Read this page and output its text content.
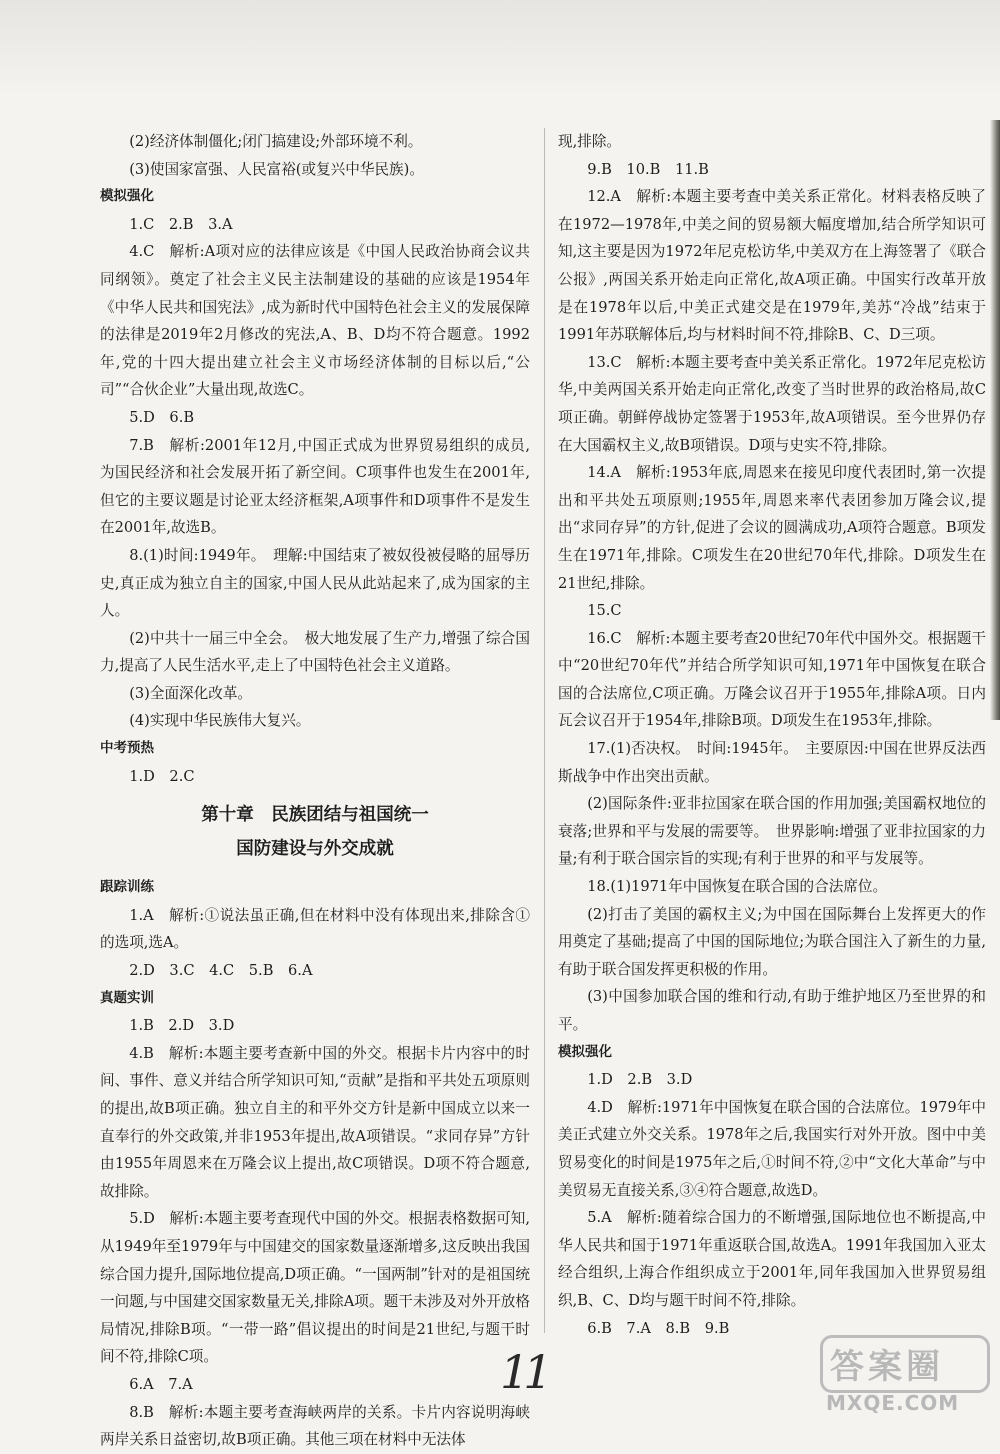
(2)经济体制僵化;闭门搞建设;外部环境不利。

(3)使国家富强、人民富裕(或复兴中华民族)。

模拟强化

1.C　2.B　3.A

4.C　解析:A项对应的法律应该是《中国人民政治协商会议共同纲领》。奠定了社会主义民主法制建设的基础的应该是1954年《中华人民共和国宪法》,成为新时代中国特色社会主义的发展保障的法律是2019年2月修改的宪法,A、B、D均不符合题意。1992年,党的十四大提出建立社会主义市场经济体制的目标以后,“公司”“合伙企业”大量出现,故选C。

5.D　6.B

7.B　解析:2001年12月,中国正式成为世界贸易组织的成员,为国民经济和社会发展开拓了新空间。C项事件也发生在2001年,但它的主要议题是讨论亚太经济框架,A项事件和D项事件不是发生在2001年,故选B。

8.(1)时间:1949年。　理解:中国结束了被奴役被侵略的屈辱历史,真正成为独立自主的国家,中国人民从此站起来了,成为国家的主人。

(2)中共十一届三中全会。　极大地发展了生产力,增强了综合国力,提高了人民生活水平,走上了中国特色社会主义道路。

(3)全面深化改革。

(4)实现中华民族伟大复兴。

中考预热

1.D　2.C

第十章　民族团结与祖国统一

国防建设与外交成就

跟踪训练

1.A　解析:①说法虽正确,但在材料中没有体现出来,排除含①的选项,选A。

2.D　3.C　4.C　5.B　6.A

真题实训

1.B　2.D　3.D

4.B　解析:本题主要考查新中国的外交。根据卡片内容中的时间、事件、意义并结合所学知识可知,“贡献”是指和平共处五项原则的提出,故B项正确。独立自主的和平外交方针是新中国成立以来一直奉行的外交政策,并非1953年提出,故A项错误。“求同存异”方针由1955年周恩来在万隆会议上提出,故C项错误。D项不符合题意,故排除。

5.D　解析:本题主要考查现代中国的外交。根据表格数据可知,从1949年至1979年与中国建交的国家数量逐渐增多,这反映出我国综合国力提升,国际地位提高,D项正确。“一国两制”针对的是祖国统一问题,与中国建交国家数量无关,排除A项。题干未涉及对外开放格局情况,排除B项。“一带一路”倡议提出的时间是21世纪,与题干时间不符,排除C项。

6.A　7.A

8.B　解析:本题主要考查海峡两岸的关系。卡片内容说明海峡两岸关系日益密切,故B项正确。其他三项在材料中无法体

现,排除。

9.B　10.B　11.B

12.A　解析:本题主要考查中美关系正常化。材料表格反映了在1972—1978年,中美之间的贸易额大幅度增加,结合所学知识可知,这主要是因为1972年尼克松访华,中美双方在上海签署了《联合公报》,两国关系开始走向正常化,故A项正确。中国实行改革开放是在1978年以后,中美正式建交是在1979年,美苏“冷战”结束于1991年苏联解体后,均与材料时间不符,排除B、C、D三项。

13.C　解析:本题主要考查中美关系正常化。1972年尼克松访华,中美两国关系开始走向正常化,改变了当时世界的政治格局,故C项正确。朝鲜停战协定签署于1953年,故A项错误。至今世界仍存在大国霸权主义,故B项错误。D项与史实不符,排除。

14.A　解析:1953年底,周恩来在接见印度代表团时,第一次提出和平共处五项原则;1955年,周恩来率代表团参加万隆会议,提出“求同存异”的方针,促进了会议的圆满成功,A项符合题意。B项发生在1971年,排除。C项发生在20世纪70年代,排除。D项发生在21世纪,排除。

15.C

16.C　解析:本题主要考查20世纪70年代中国外交。根据题干中“20世纪70年代”并结合所学知识可知,1971年中国恢复在联合国的合法席位,C项正确。万隆会议召开于1955年,排除A项。日内瓦会议召开于1954年,排除B项。D项发生在1953年,排除。

17.(1)否决权。　时间:1945年。　主要原因:中国在世界反法西斯战争中作出突出贡献。

(2)国际条件:亚非拉国家在联合国的作用加强;美国霸权地位的衰落;世界和平与发展的需要等。　世界影响:增强了亚非拉国家的力量;有利于联合国宗旨的实现;有利于世界的和平与发展等。

18.(1)1971年中国恢复在联合国的合法席位。

(2)打击了美国的霸权主义;为中国在国际舞台上发挥更大的作用奠定了基础;提高了中国的国际地位;为联合国注入了新生的力量,有助于联合国发挥更积极的作用。

(3)中国参加联合国的维和行动,有助于维护地区乃至世界的和平。

模拟强化

1.D　2.B　3.D

4.D　解析:1971年中国恢复在联合国的合法席位。1979年中美正式建立外交关系。1978年之后,我国实行对外开放。图中中美贸易变化的时间是1975年之后,①时间不符,②中“文化大革命”与中美贸易无直接关系,③④符合题意,故选D。

5.A　解析:随着综合国力的不断增强,国际地位也不断提高,中华人民共和国于1971年重返联合国,故选A。1991年我国加入亚太经合组织,上海合作组织成立于2001年,同年我国加入世界贸易组织,B、C、D均与题干时间不符,排除。

6.B　7.A　8.B　9.B

11	答案圈
MXQE.COM
